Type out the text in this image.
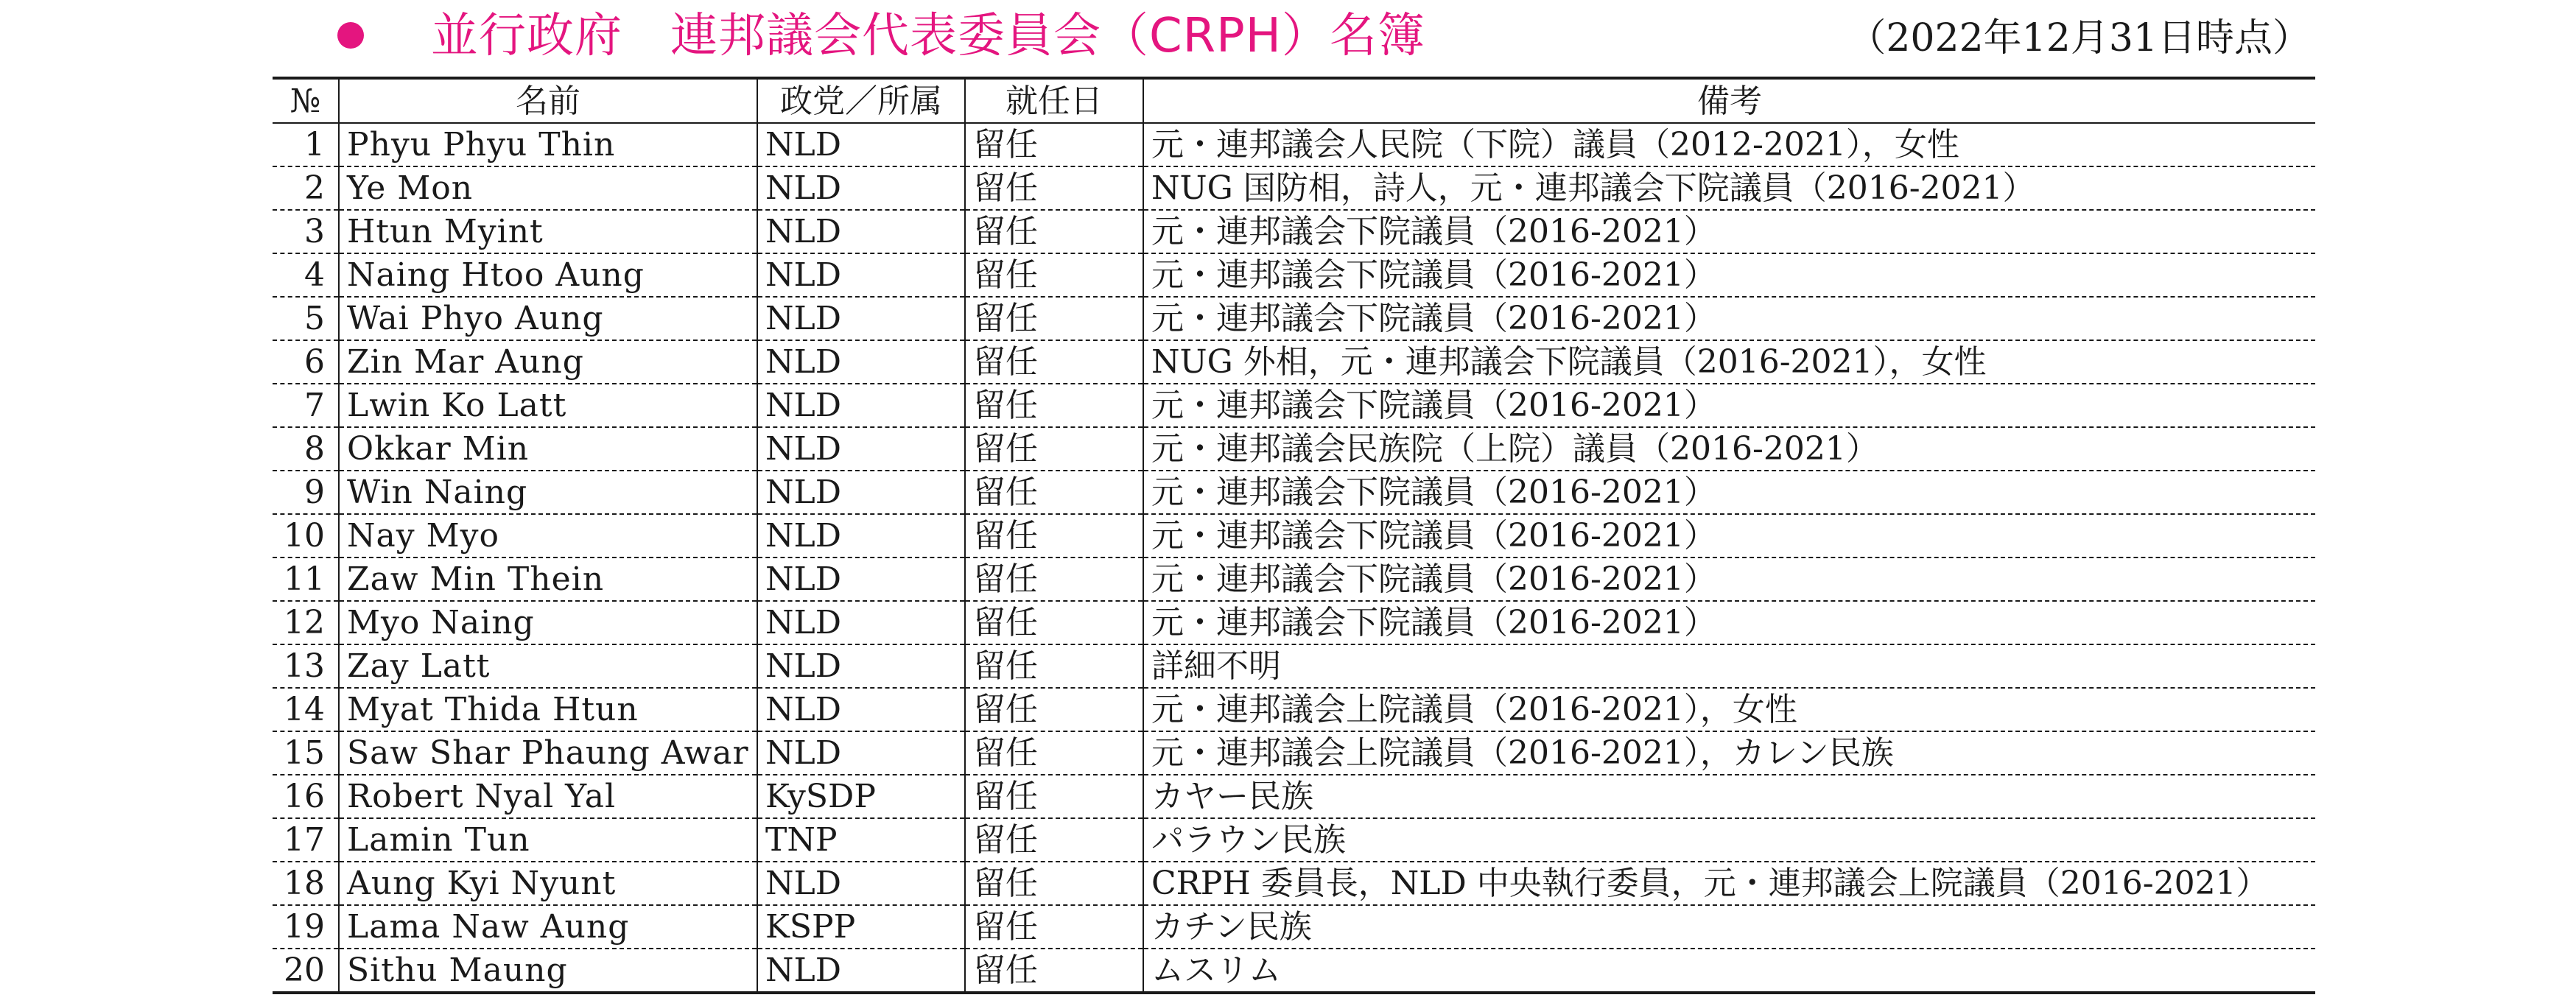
並行政府　連邦議会代表委員会（CRPH）名簿	（2022年12月31日時点）
№	名前	政党／所属	就任日	備考
1	Phyu Phyu Thin	NLD	留任	元・連邦議会人民院（下院）議員（2012-2021），女性
2	Ye Mon	NLD	留任	NUG 国防相，詩人，元・連邦議会下院議員（2016-2021）
3	Htun Myint	NLD	留任	元・連邦議会下院議員（2016-2021）
4	Naing Htoo Aung	NLD	留任	元・連邦議会下院議員（2016-2021）
5	Wai Phyo Aung	NLD	留任	元・連邦議会下院議員（2016-2021）
6	Zin Mar Aung	NLD	留任	NUG 外相，元・連邦議会下院議員（2016-2021），女性
7	Lwin Ko Latt	NLD	留任	元・連邦議会下院議員（2016-2021）
8	Okkar Min	NLD	留任	元・連邦議会民族院（上院）議員（2016-2021）
9	Win Naing	NLD	留任	元・連邦議会下院議員（2016-2021）
10	Nay Myo	NLD	留任	元・連邦議会下院議員（2016-2021）
11	Zaw Min Thein	NLD	留任	元・連邦議会下院議員（2016-2021）
12	Myo Naing	NLD	留任	元・連邦議会下院議員（2016-2021）
13	Zay Latt	NLD	留任	詳細不明
14	Myat Thida Htun	NLD	留任	元・連邦議会上院議員（2016-2021），女性
15	Saw Shar Phaung Awar	NLD	留任	元・連邦議会上院議員（2016-2021），カレン民族
16	Robert Nyal Yal	KySDP	留任	カヤー民族
17	Lamin Tun	TNP	留任	パラウン民族
18	Aung Kyi Nyunt	NLD	留任	CRPH 委員長，NLD 中央執行委員，元・連邦議会上院議員（2016-2021）
19	Lama Naw Aung	KSPP	留任	カチン民族
20	Sithu Maung	NLD	留任	ムスリム
